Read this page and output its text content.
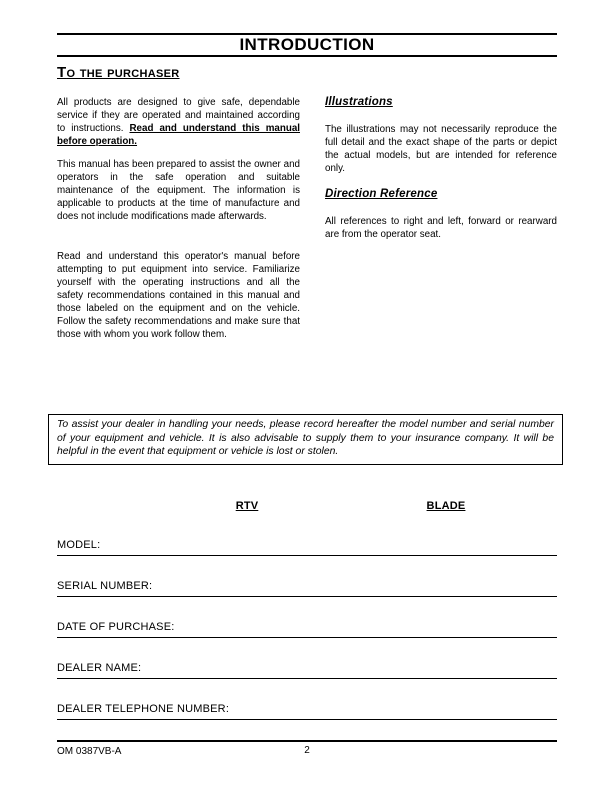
INTRODUCTION
To the purchaser

All products are designed to give safe, dependable service if they are operated and maintained according to instructions. Read and understand this manual before operation.

This manual has been prepared to assist the owner and operators in the safe operation and suitable maintenance of the equipment. The information is applicable to products at the time of manufacture and does not include modifications made afterwards.

Read and understand this operator's manual before attempting to put equipment into service. Familiarize yourself with the operating instructions and all the safety recommendations contained in this manual and those labeled on the equipment and on the vehicle. Follow the safety recommendations and make sure that those with whom you work follow them.

Illustrations

The illustrations may not necessarily reproduce the full detail and the exact shape of the parts or depict the actual models, but are intended for reference only.

Direction Reference

All references to right and left, forward or rearward are from the operator seat.

To assist your dealer in handling your needs, please record hereafter the model number and serial number of your equipment and vehicle. It is also advisable to supply them to your insurance company. It will be helpful in the event that equipment or vehicle is lost or stolen.

RTV	BLADE
MODEL:
SERIAL NUMBER:
DATE OF PURCHASE:
DEALER NAME:
DEALER TELEPHONE NUMBER:
OM 0387VB-A	2
